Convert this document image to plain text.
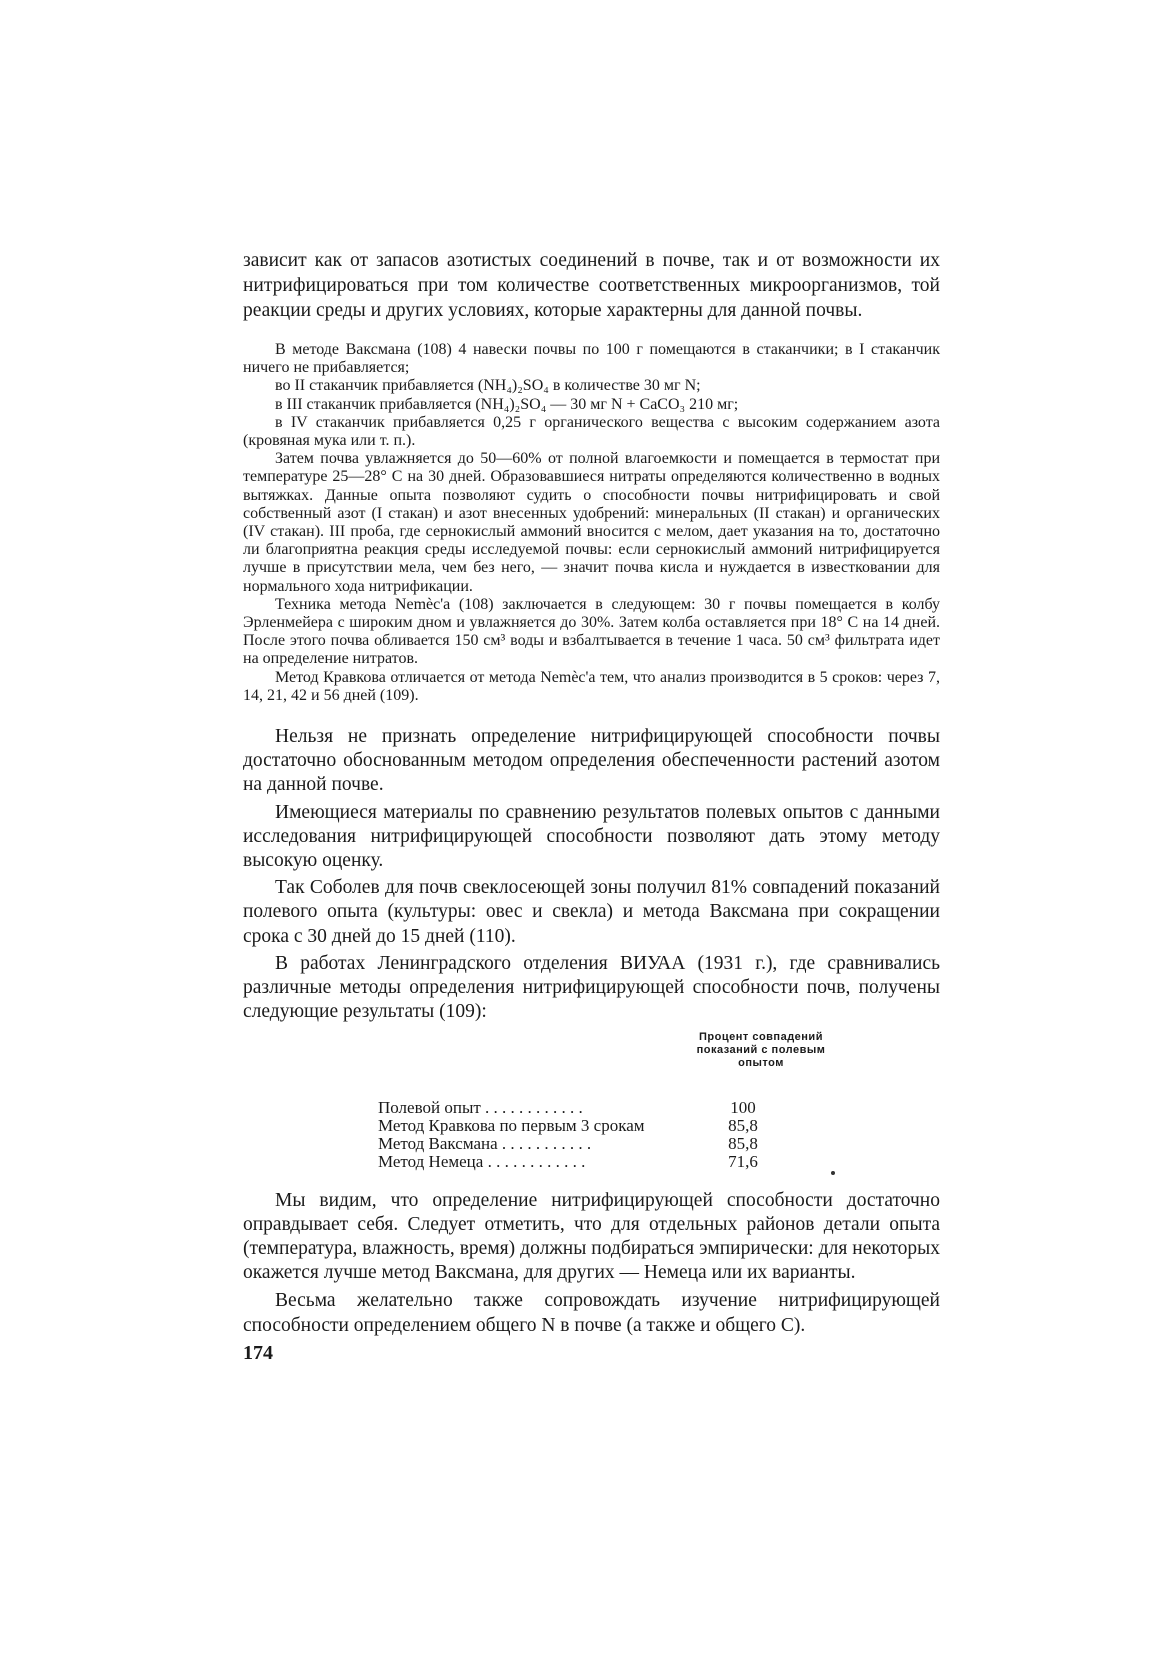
зависит как от запасов азотистых соединений в почве, так и от возможности их нитрифицироваться при том количестве соответственных микроорганизмов, той реакции среды и других условиях, которые характерны для данной почвы.

В методе Ваксмана (108) 4 навески почвы по 100 г помещаются в стаканчики; в I стаканчик ничего не прибавляется;

во II стаканчик прибавляется (NH₄)₂SO₄ в количестве 30 мг N;

в III стаканчик прибавляется (NH₄)₂SO₄ — 30 мг N + CaCO₃ 210 мг;

в IV стаканчик прибавляется 0,25 г органического вещества с высоким содержанием азота (кровяная мука или т. п.).

Затем почва увлажняется до 50—60% от полной влагоемкости и помещается в термостат при температуре 25—28° С на 30 дней. Образовавшиеся нитраты определяются количественно в водных вытяжках. Данные опыта позволяют судить о способности почвы нитрифицировать и свой собственный азот (I стакан) и азот внесенных удобрений: минеральных (II стакан) и органических (IV стакан). III проба, где сернокислый аммоний вносится с мелом, дает указания на то, достаточно ли благоприятна реакция среды исследуемой почвы: если сернокислый аммоний нитрифицируется лучше в присутствии мела, чем без него, — значит почва кисла и нуждается в известковании для нормального хода нитрификации.

Техника метода Nemèc'a (108) заключается в следующем: 30 г почвы помещается в колбу Эрленмейера с широким дном и увлажняется до 30%. Затем колба оставляется при 18° С на 14 дней. После этого почва обливается 150 см³ воды и взбалтывается в течение 1 часа. 50 см³ фильтрата идет на определение нитратов.

Метод Кравкова отличается от метода Nemèc'a тем, что анализ производится в 5 сроков: через 7, 14, 21, 42 и 56 дней (109).

Нельзя не признать определение нитрифицирующей способности почвы достаточно обоснованным методом определения обеспеченности растений азотом на данной почве.

Имеющиеся материалы по сравнению результатов полевых опытов с данными исследования нитрифицирующей способности позволяют дать этому методу высокую оценку.

Так Соболев для почв свеклосеющей зоны получил 81% совпадений показаний полевого опыта (культуры: овес и свекла) и метода Ваксмана при сокращении срока с 30 дней до 15 дней (110).

В работах Ленинградского отделения ВИУАА (1931 г.), где сравнивались различные методы определения нитрифицирующей способности почв, получены следующие результаты (109):

Процент совпадений показаний с полевым опытом
Полевой опыт . . . . . . . . . . . .	100
Метод Кравкова по первым 3 срокам	85,8
Метод Ваксмана . . . . . . . . . . .	85,8
Метод Немеца . . . . . . . . . . . .	71,6

Мы видим, что определение нитрифицирующей способности достаточно оправдывает себя. Следует отметить, что для отдельных районов детали опыта (температура, влажность, время) должны подбираться эмпирически: для некоторых окажется лучше метод Ваксмана, для других — Немеца или их варианты.

Весьма желательно также сопровождать изучение нитрифицирующей способности определением общего N в почве (а также и общего С).

174
